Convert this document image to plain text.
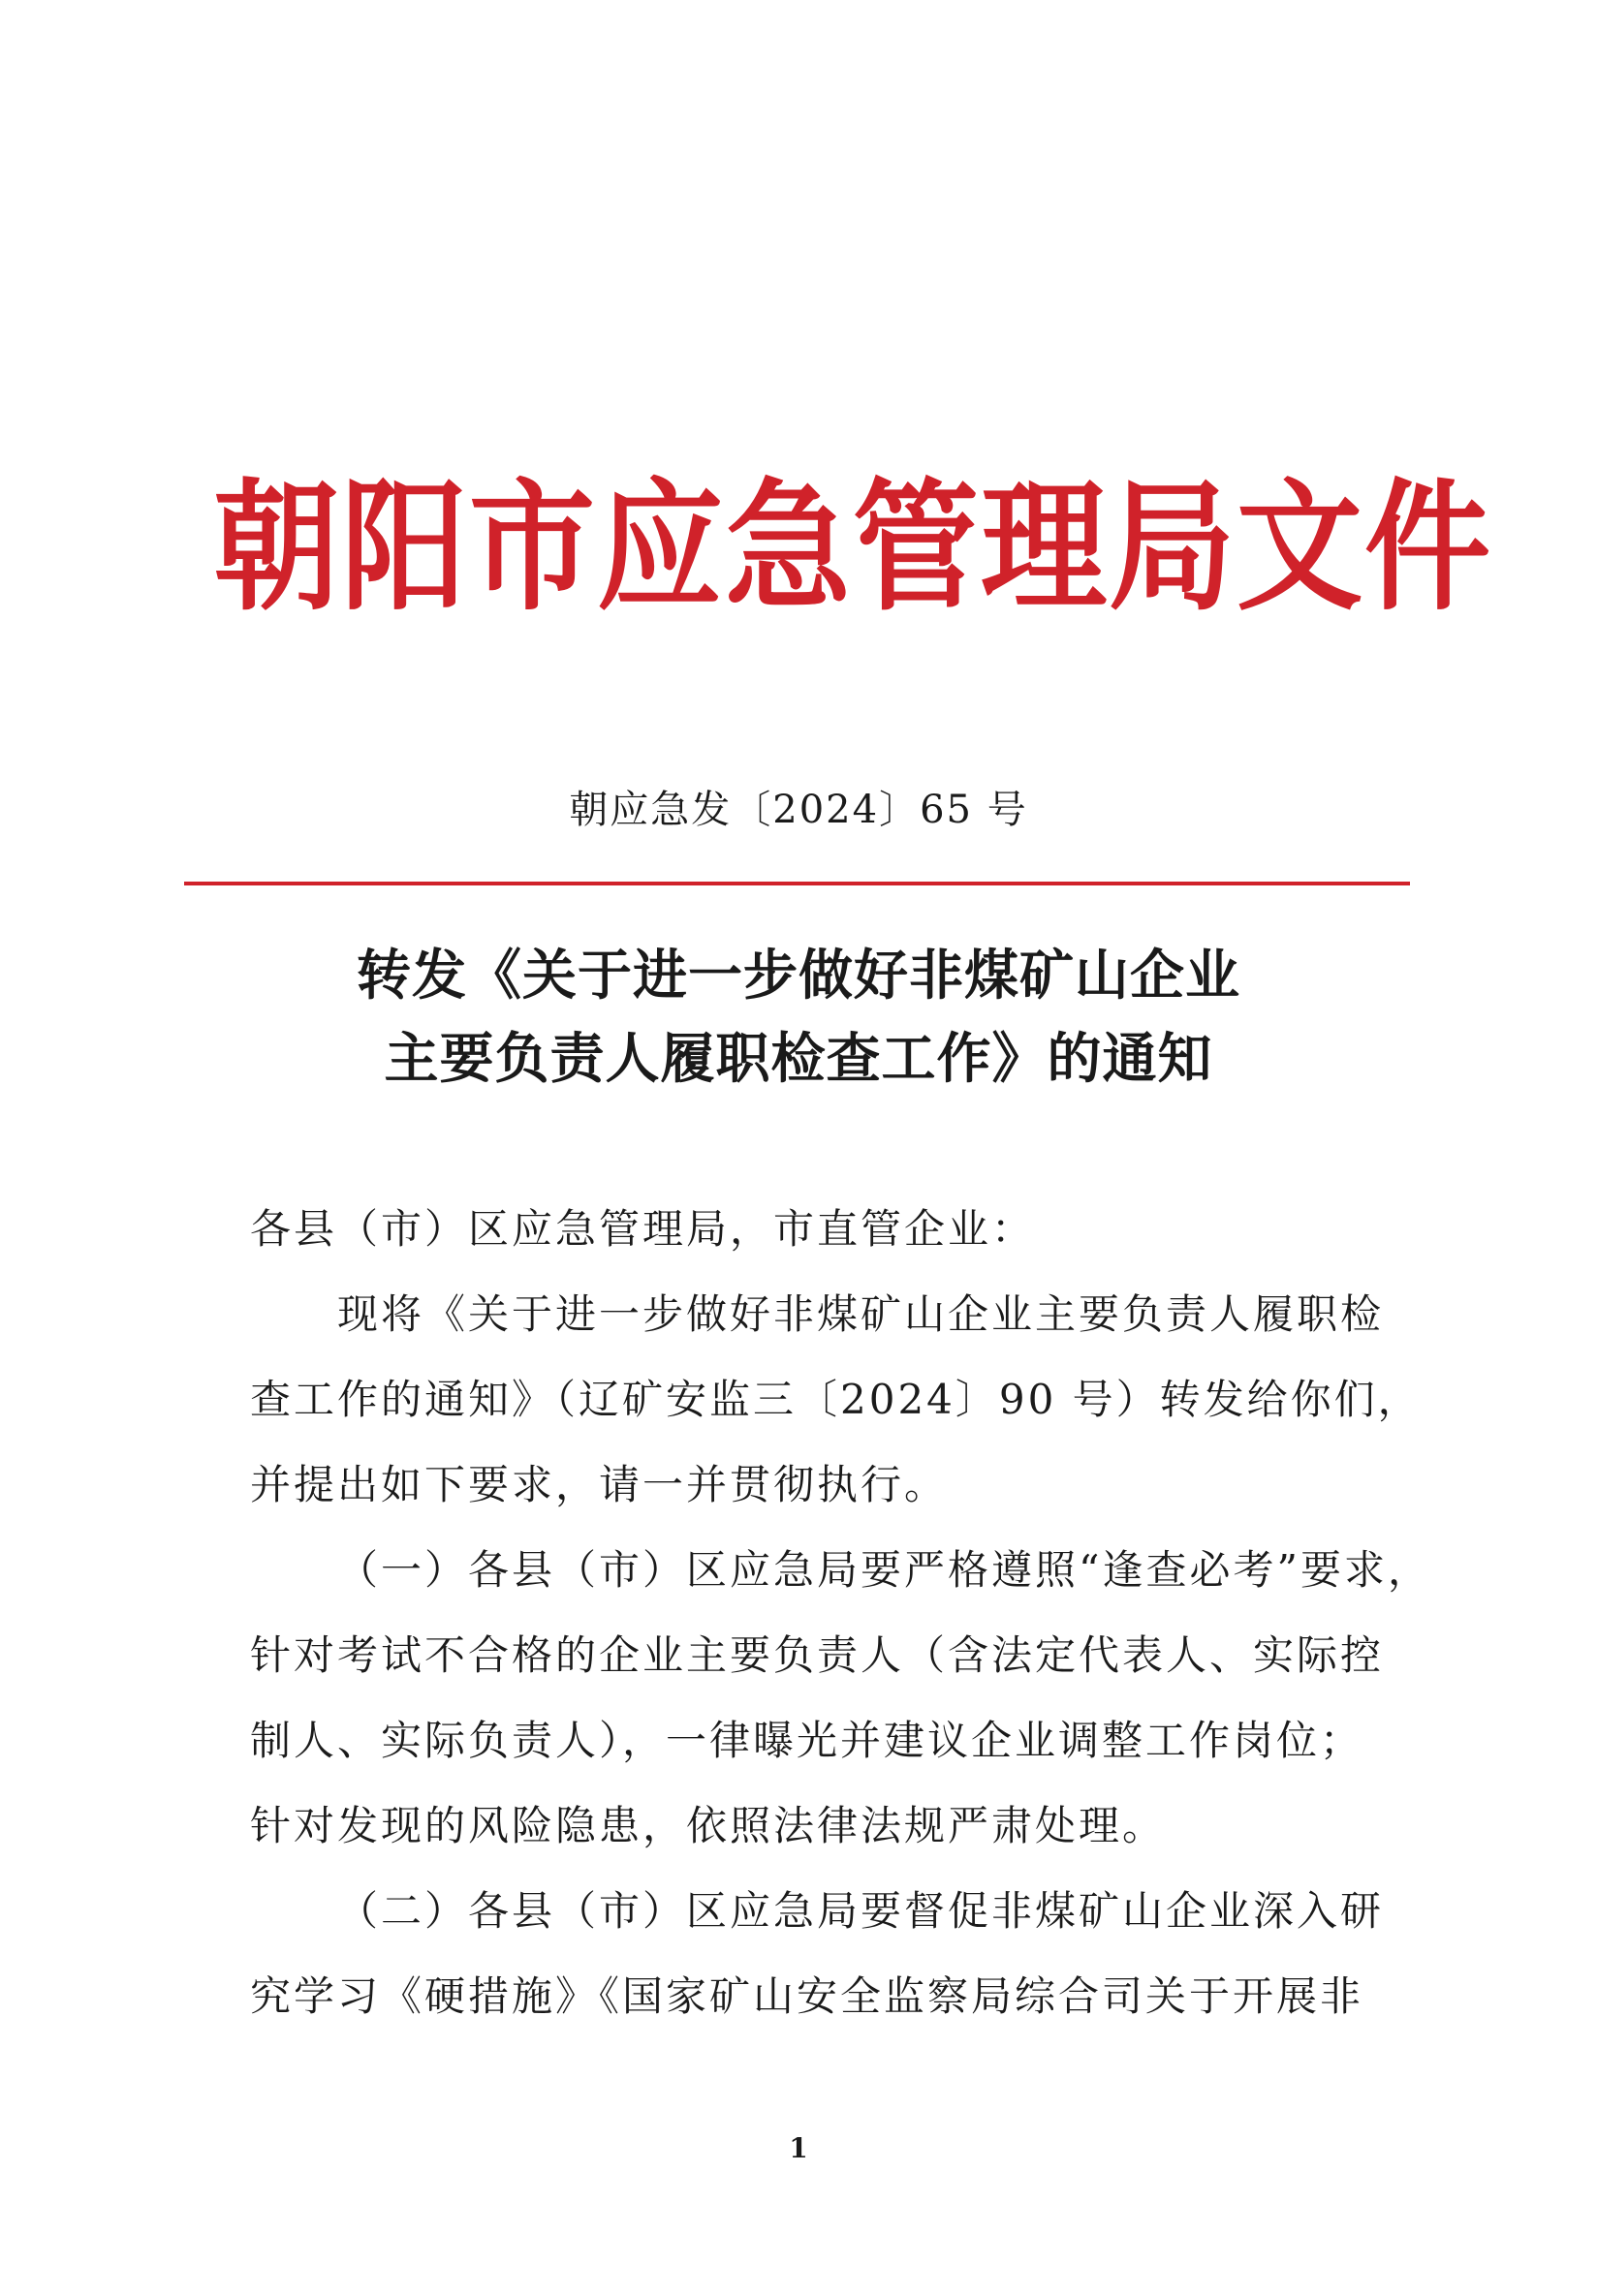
朝阳市应急管理局文件
朝应急发〔2024〕65 号
转发《关于进一步做好非煤矿山企业
主要负责人履职检查工作》的通知
各县（市）区应急管理局，市直管企业：
现将《关于进一步做好非煤矿山企业主要负责人履职检
查工作的通知》（辽矿安监三〔2024〕90 号）转发给你们，
并提出如下要求，请一并贯彻执行。
（一）各县（市）区应急局要严格遵照“逢查必考”要求，
针对考试不合格的企业主要负责人（含法定代表人、实际控
制人、实际负责人），一律曝光并建议企业调整工作岗位；
针对发现的风险隐患，依照法律法规严肃处理。
（二）各县（市）区应急局要督促非煤矿山企业深入研
究学习《硬措施》《国家矿山安全监察局综合司关于开展非
1
